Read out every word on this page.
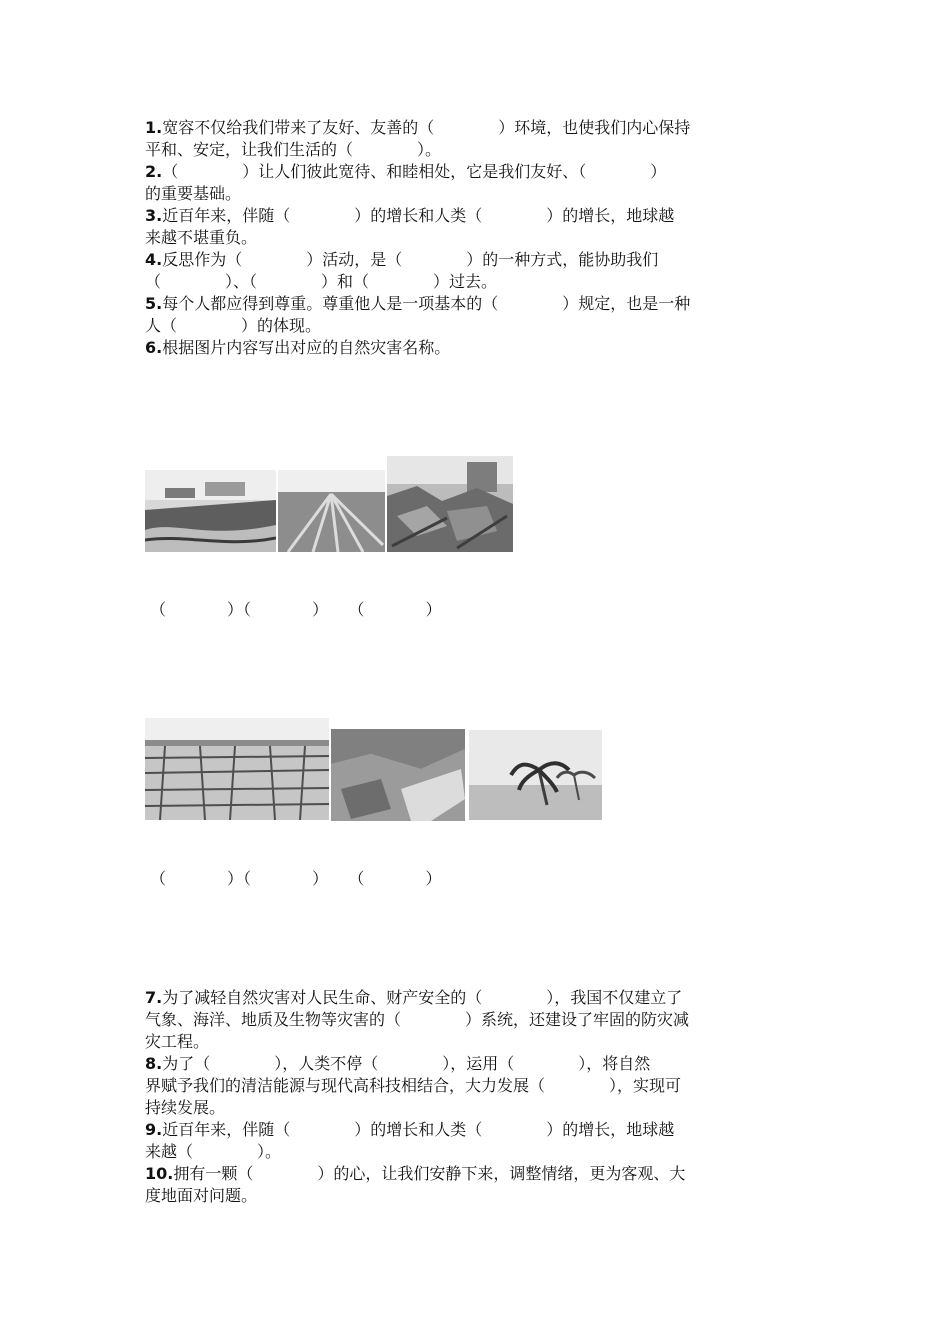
1.宽容不仅给我们带来了友好、友善的（　　　　）环境，也使我们内心保持
平和、安定，让我们生活的（　　　　）。
2.（　　　　）让人们彼此宽待、和睦相处，它是我们友好、（　　　　）
的重要基础。
3.近百年来，伴随（　　　　）的增长和人类（　　　　）的增长，地球越
来越不堪重负。
4.反思作为（　　　　）活动，是（　　　　）的一种方式，能协助我们
（　　　　）、（　　　　）和（　　　　）过去。
5.每个人都应得到尊重。尊重他人是一项基本的（　　　　）规定，也是一种
人（　　　　）的体现。
6.根据图片内容写出对应的自然灾害名称。
（            ）（            ）    （            ）
（            ）（            ）    （            ）
7.为了减轻自然灾害对人民生命、财产安全的（　　　　），我国不仅建立了
气象、海洋、地质及生物等灾害的（　　　　）系统，还建设了牢固的防灾减
灾工程。
8.为了（　　　　），人类不停（　　　　），运用（　　　　），将自然
界赋予我们的清洁能源与现代高科技相结合，大力发展（　　　　），实现可
持续发展。
9.近百年来，伴随（　　　　）的增长和人类（　　　　）的增长，地球越
来越（　　　　）。
10.拥有一颗（　　　　）的心，让我们安静下来，调整情绪，更为客观、大
度地面对问题。
